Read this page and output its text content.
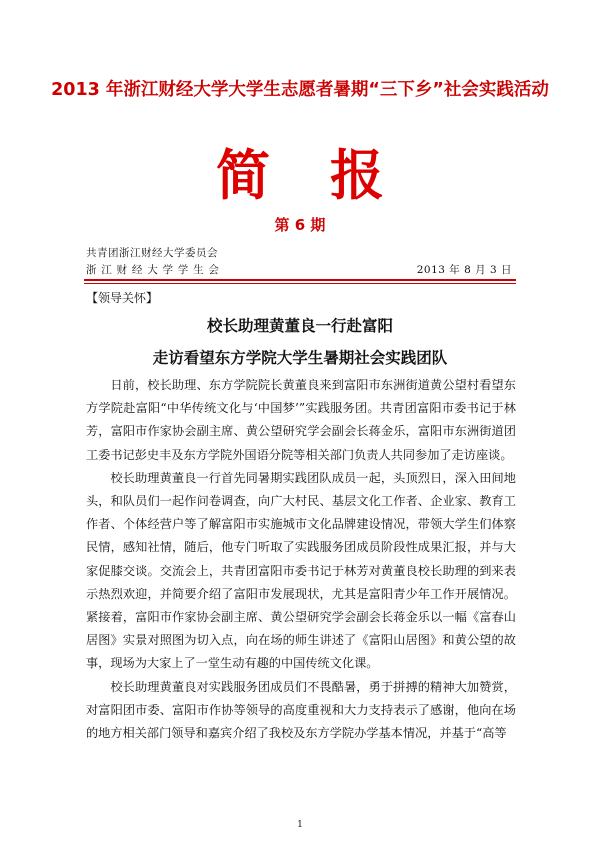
2013 年浙江财经大学大学生志愿者暑期“三下乡”社会实践活动
简报
第 6 期
共青团浙江财经大学委员会
浙江财经大学学生会	2013 年 8 月 3 日
【领导关怀】
校长助理黄董良一行赴富阳
走访看望东方学院大学生暑期社会实践团队

日前，校长助理、东方学院院长黄董良来到富阳市东洲街道黄公望村看望东方学院赴富阳“中华传统文化与‘中国梦’”实践服务团。共青团富阳市委书记于林芳，富阳市作家协会副主席、黄公望研究学会副会长蒋金乐，富阳市东洲街道团工委书记彭史丰及东方学院外国语分院等相关部门负责人共同参加了走访座谈。

校长助理黄董良一行首先同暑期实践团队成员一起，头顶烈日，深入田间地头，和队员们一起作问卷调查，向广大村民、基层文化工作者、企业家、教育工作者、个体经营户等了解富阳市实施城市文化品牌建设情况，带领大学生们体察民情，感知社情，随后，他专门听取了实践服务团成员阶段性成果汇报，并与大家促膝交谈。交流会上，共青团富阳市委书记于林芳对黄董良校长助理的到来表示热烈欢迎，并简要介绍了富阳市发展现状，尤其是富阳青少年工作开展情况。紧接着，富阳市作家协会副主席、黄公望研究学会副会长蒋金乐以一幅《富春山居图》实景对照图为切入点，向在场的师生讲述了《富阳山居图》和黄公望的故事，现场为大家上了一堂生动有趣的中国传统文化课。

校长助理黄董良对实践服务团成员们不畏酷暑，勇于拼搏的精神大加赞赏，对富阳团市委、富阳市作协等领导的高度重视和大力支持表示了感谢，他向在场的地方相关部门领导和嘉宾介绍了我校及东方学院办学基本情况，并基于“高等

1
